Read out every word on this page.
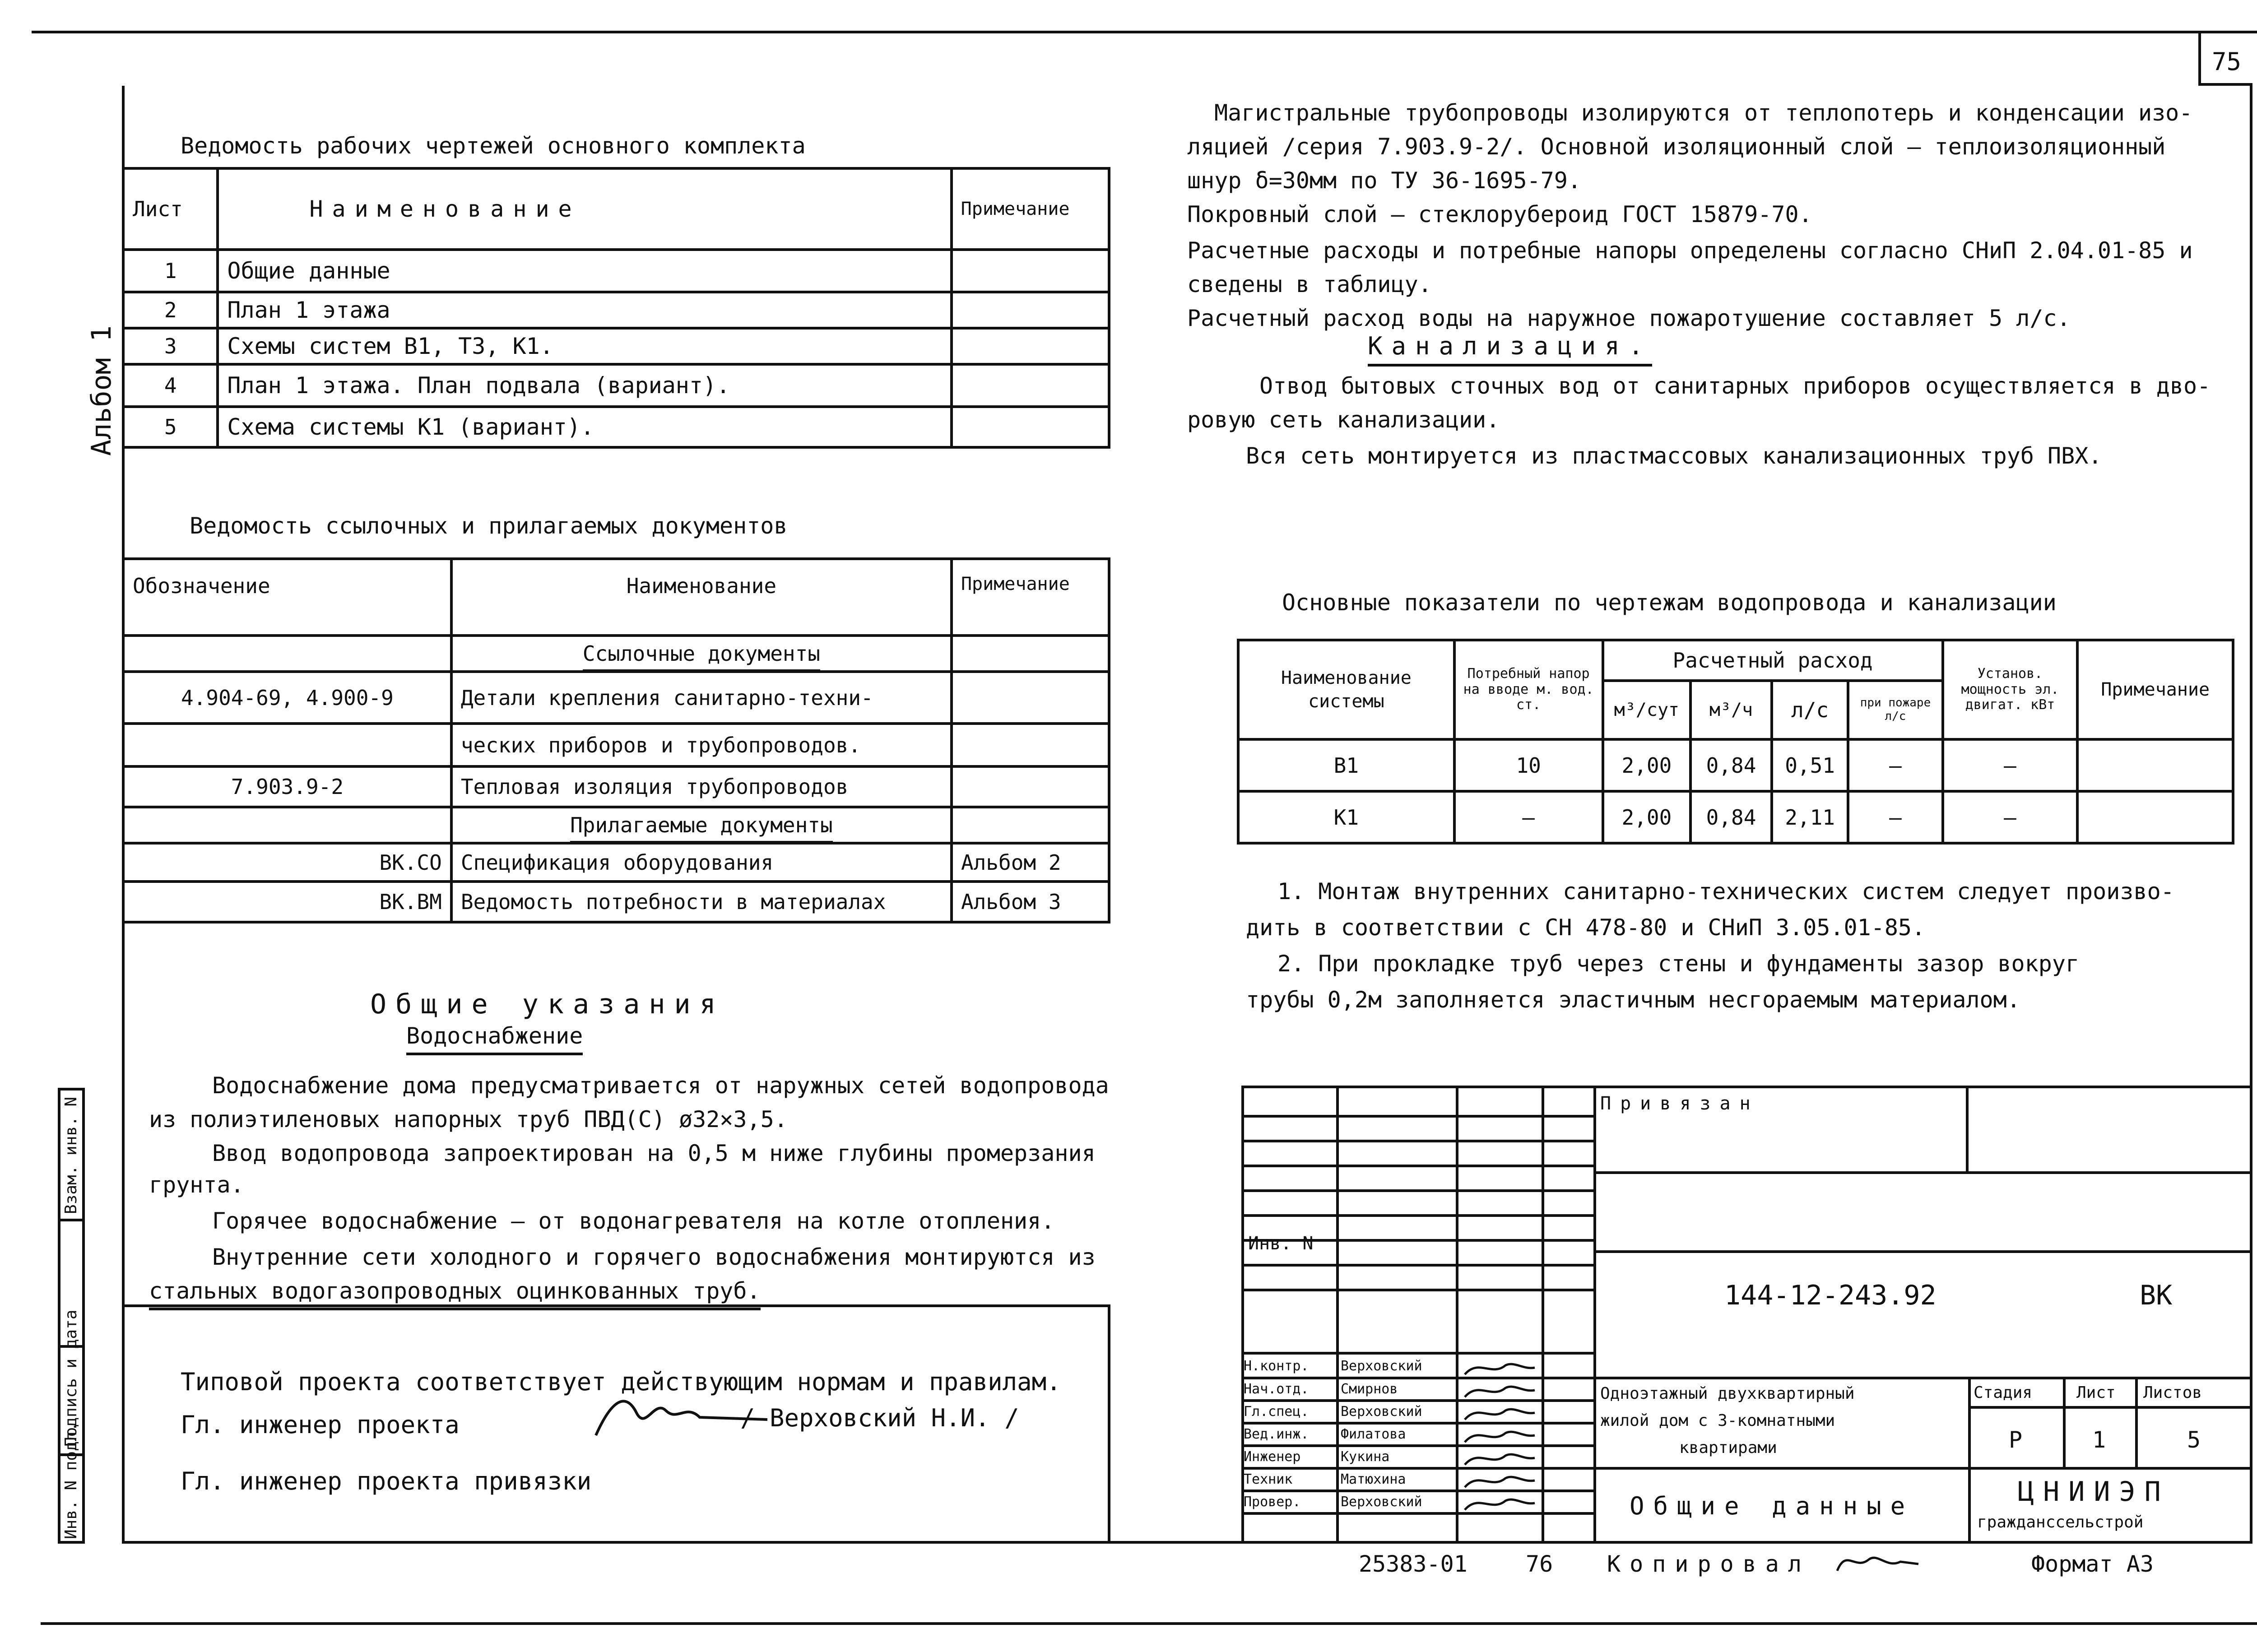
75
Альбом 1
Инв. N подл.
Подпись и дата
Взам. инв. N
Ведомость рабочих чертежей основного комплекта
Лист	Наименование	Примечание
1	Общие данные	
2	План 1 этажа	
3	Схемы систем В1, Т3, К1.	
4	План 1 этажа. План подвала (вариант).	
5	Схема системы К1 (вариант).	
Ведомость ссылочных и прилагаемых документов
Обозначение	Наименование	Примечание
	Ссылочные документы	
4.904-69, 4.900-9	Детали крепления санитарно-техни-	
	ческих приборов и трубопроводов.	
7.903.9-2	Тепловая изоляция трубопроводов	
	Прилагаемые документы	
ВК.СО	Спецификация оборудования	Альбом 2
ВК.ВМ	Ведомость потребности в материалах	Альбом 3
Общие указания
Водоснабжение
Водоснабжение дома предусматривается от наружных сетей водопровода
из полиэтиленовых напорных труб ПВД(С) ø32×3,5.
Ввод водопровода запроектирован на 0,5 м ниже глубины промерзания
грунта.
Горячее водоснабжение – от водонагревателя на котле отопления.
Внутренние сети холодного и горячего водоснабжения монтируются из
стальных водогазопроводных оцинкованных труб.
Типовой проекта соответствует действующим нормам и правилам.
Гл. инженер проекта	/ Верховский Н.И. /
Гл. инженер проекта привязки
Магистральные трубопроводы изолируются от теплопотерь и конденсации изо-
ляцией /серия 7.903.9-2/. Основной изоляционный слой – теплоизоляционный
шнур δ=30мм по ТУ 36-1695-79.
Покровный слой – стеклорубероид ГОСТ 15879-70.
Расчетные расходы и потребные напоры определены согласно СНиП 2.04.01-85 и
сведены в таблицу.
Расчетный расход воды на наружное пожаротушение составляет 5 л/с.
Канализация.
Отвод бытовых сточных вод от санитарных приборов осуществляется в дво-
ровую сеть канализации.
Вся сеть монтируется из пластмассовых канализационных труб ПВХ.
Основные показатели по чертежам водопровода и канализации
Наименование системы	Потребный напор на вводе м. вод. ст.	Расчетный расход				Установ. мощность эл. двигат. кВт	Примечание
		м³/сут	м³/ч	л/с	при пожаре л/с		
В1	10	2,00	0,84	0,51	—	—	
К1	—	2,00	0,84	2,11	—	—	
1. Монтаж внутренних санитарно-технических систем следует произво-
дить в соответствии с СН 478-80 и СНиП 3.05.01-85.
2. При прокладке труб через стены и фундаменты зазор вокруг
трубы 0,2м заполняется эластичным несгораемым материалом.
Инв. N
Н.контр. Верховский
Нач.отд. Смирнов
Гл.спец. Верховский
Вед.инж. Филатова
Инженер	Кукина
Техник	Матюхина
Провер.	Верховский
Привязан
144-12-243.92	ВК
Одноэтажный двухквартирный
жилой дом с 3-комнатными
квартирами
Стадия	Лист Листов
Р	1	5
Общие данные	ЦНИИЭП
гражданссельстрой
25383-01	76 Копировал	Формат А3
